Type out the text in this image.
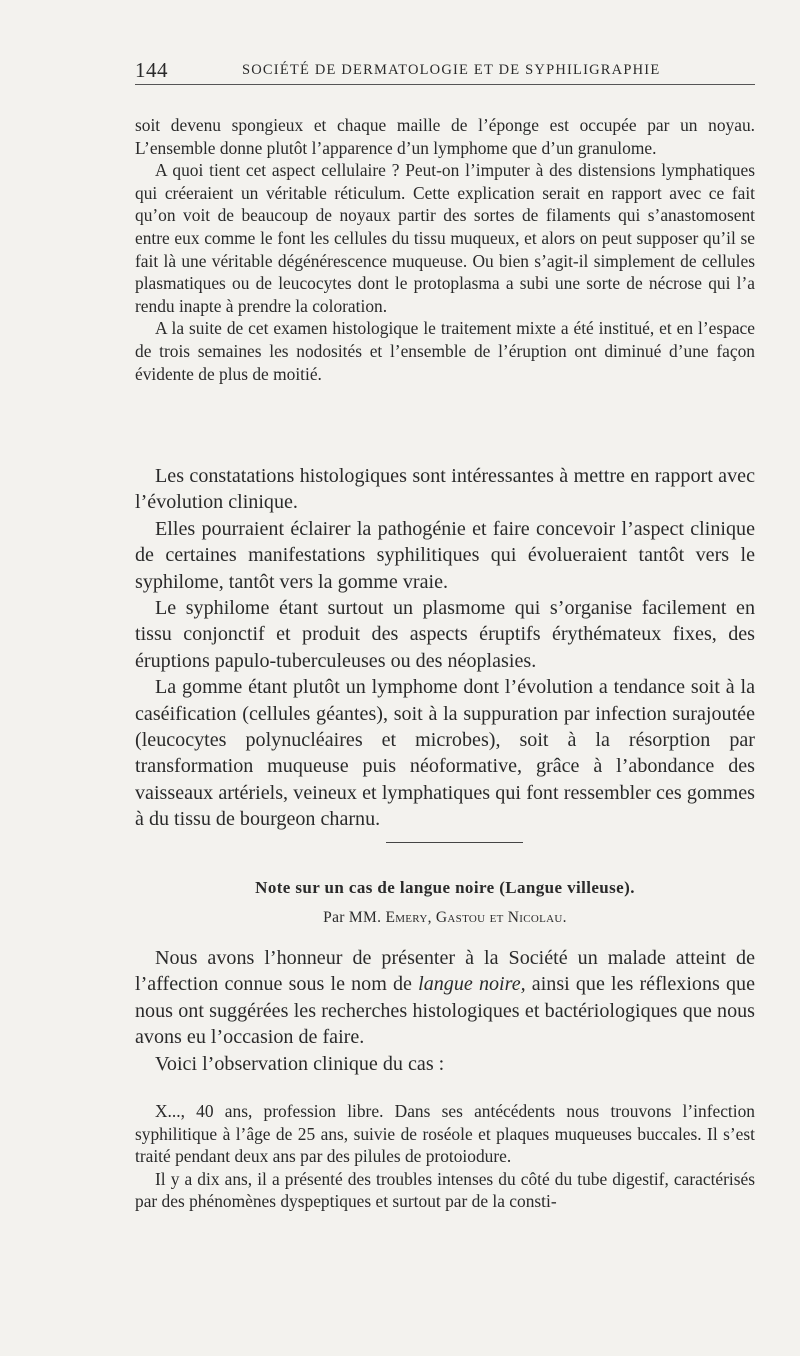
144	SOCIÉTÉ DE DERMATOLOGIE ET DE SYPHILIGRAPHIE

soit devenu spongieux et chaque maille de l’éponge est occupée par un noyau. L’ensemble donne plutôt l’apparence d’un lymphome que d’un granulome.

A quoi tient cet aspect cellulaire ? Peut-on l’imputer à des distensions lymphatiques qui créeraient un véritable réticulum. Cette explication serait en rapport avec ce fait qu’on voit de beaucoup de noyaux partir des sortes de filaments qui s’anastomosent entre eux comme le font les cellules du tissu muqueux, et alors on peut supposer qu’il se fait là une véritable dégénérescence muqueuse. Ou bien s’agit-il simplement de cellules plasmatiques ou de leucocytes dont le protoplasma a subi une sorte de nécrose qui l’a rendu inapte à prendre la coloration.

A la suite de cet examen histologique le traitement mixte a été institué, et en l’espace de trois semaines les nodosités et l’ensemble de l’éruption ont diminué d’une façon évidente de plus de moitié.

Les constatations histologiques sont intéressantes à mettre en rapport avec l’évolution clinique.

Elles pourraient éclairer la pathogénie et faire concevoir l’aspect clinique de certaines manifestations syphilitiques qui évolueraient tantôt vers le syphilome, tantôt vers la gomme vraie.

Le syphilome étant surtout un plasmome qui s’organise facilement en tissu conjonctif et produit des aspects éruptifs érythémateux fixes, des éruptions papulo-tuberculeuses ou des néoplasies.

La gomme étant plutôt un lymphome dont l’évolution a tendance soit à la caséification (cellules géantes), soit à la suppuration par infection surajoutée (leucocytes polynucléaires et microbes), soit à la résorption par transformation muqueuse puis néoformative, grâce à l’abondance des vaisseaux artériels, veineux et lymphatiques qui font ressembler ces gommes à du tissu de bourgeon charnu.

Note sur un cas de langue noire (Langue villeuse).
Par MM. Emery, Gastou et Nicolau.

Nous avons l’honneur de présenter à la Société un malade atteint de l’affection connue sous le nom de langue noire, ainsi que les réflexions que nous ont suggérées les recherches histologiques et bactériologiques que nous avons eu l’occasion de faire.

Voici l’observation clinique du cas :

X..., 40 ans, profession libre. Dans ses antécédents nous trouvons l’infection syphilitique à l’âge de 25 ans, suivie de roséole et plaques muqueuses buccales. Il s’est traité pendant deux ans par des pilules de protoiodure.

Il y a dix ans, il a présenté des troubles intenses du côté du tube digestif, caractérisés par des phénomènes dyspeptiques et surtout par de la consti-
